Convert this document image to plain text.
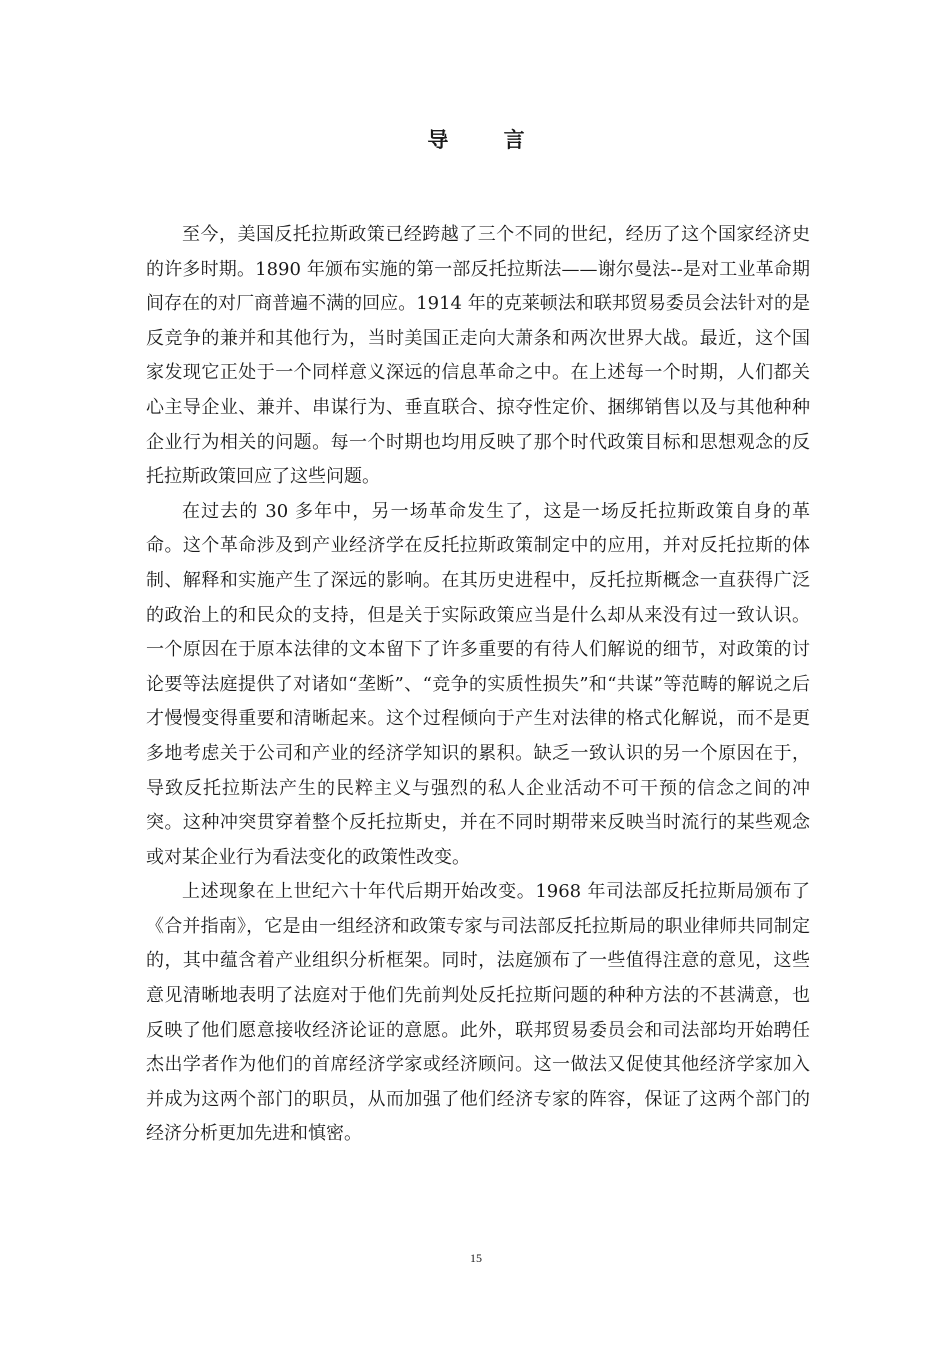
导 言

至今，美国反托拉斯政策已经跨越了三个不同的世纪，经历了这个国家经济史的许多时期。1890 年颁布实施的第一部反托拉斯法——谢尔曼法--是对工业革命期间存在的对厂商普遍不满的回应。1914 年的克莱顿法和联邦贸易委员会法针对的是反竞争的兼并和其他行为，当时美国正走向大萧条和两次世界大战。最近，这个国家发现它正处于一个同样意义深远的信息革命之中。在上述每一个时期，人们都关心主导企业、兼并、串谋行为、垂直联合、掠夺性定价、捆绑销售以及与其他种种企业行为相关的问题。每一个时期也均用反映了那个时代政策目标和思想观念的反托拉斯政策回应了这些问题。

在过去的 30 多年中，另一场革命发生了，这是一场反托拉斯政策自身的革命。这个革命涉及到产业经济学在反托拉斯政策制定中的应用，并对反托拉斯的体制、解释和实施产生了深远的影响。在其历史进程中，反托拉斯概念一直获得广泛的政治上的和民众的支持，但是关于实际政策应当是什么却从来没有过一致认识。一个原因在于原本法律的文本留下了许多重要的有待人们解说的细节，对政策的讨论要等法庭提供了对诸如“垄断”、“竞争的实质性损失”和“共谋”等范畴的解说之后才慢慢变得重要和清晰起来。这个过程倾向于产生对法律的格式化解说，而不是更多地考虑关于公司和产业的经济学知识的累积。缺乏一致认识的另一个原因在于，导致反托拉斯法产生的民粹主义与强烈的私人企业活动不可干预的信念之间的冲突。这种冲突贯穿着整个反托拉斯史，并在不同时期带来反映当时流行的某些观念或对某企业行为看法变化的政策性改变。

上述现象在上世纪六十年代后期开始改变。1968 年司法部反托拉斯局颁布了《合并指南》，它是由一组经济和政策专家与司法部反托拉斯局的职业律师共同制定的，其中蕴含着产业组织分析框架。同时，法庭颁布了一些值得注意的意见，这些意见清晰地表明了法庭对于他们先前判处反托拉斯问题的种种方法的不甚满意，也反映了他们愿意接收经济论证的意愿。此外，联邦贸易委员会和司法部均开始聘任杰出学者作为他们的首席经济学家或经济顾问。这一做法又促使其他经济学家加入并成为这两个部门的职员，从而加强了他们经济专家的阵容，保证了这两个部门的经济分析更加先进和慎密。

15
